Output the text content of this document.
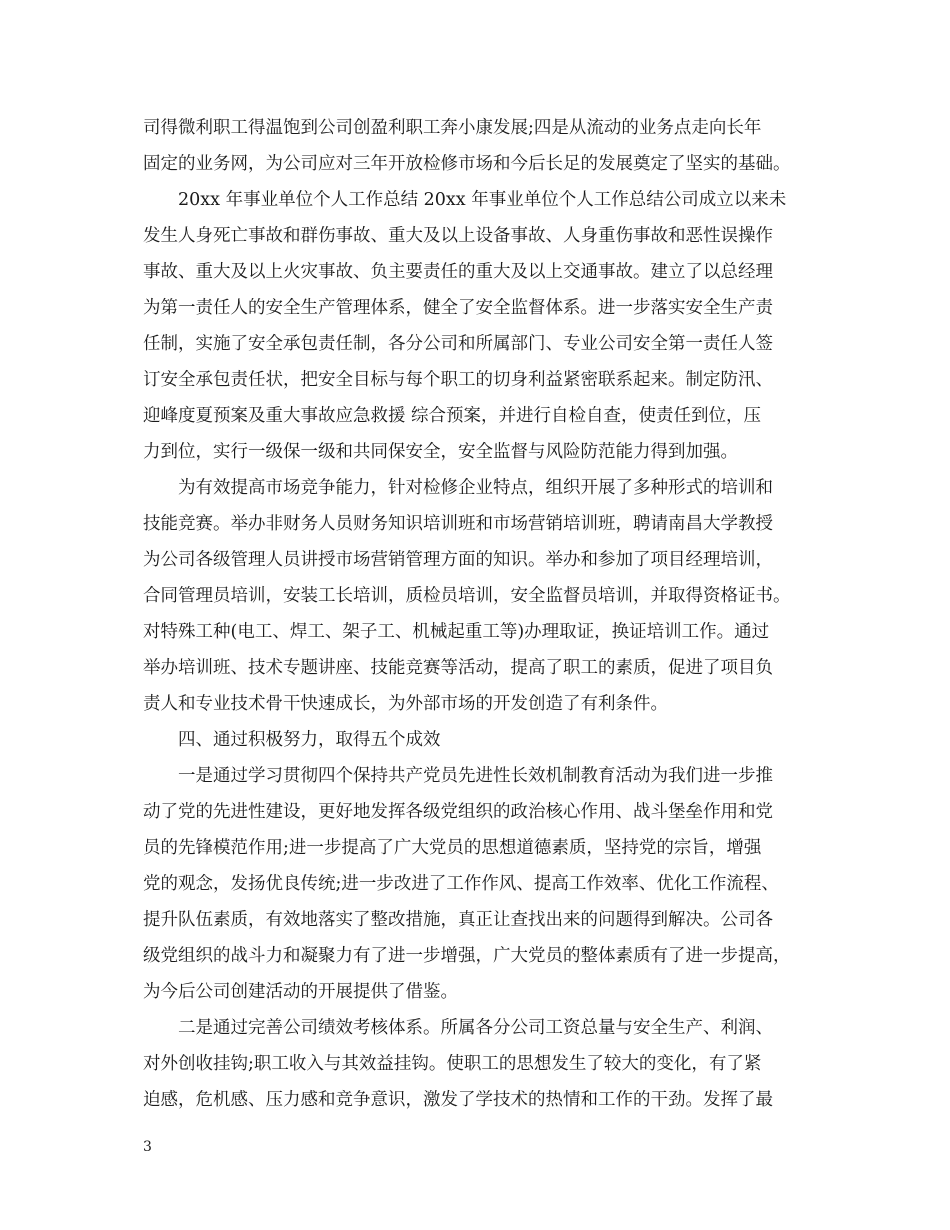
司得微利职工得温饱到公司创盈利职工奔小康发展;四是从流动的业务点走向长年
固定的业务网，为公司应对三年开放检修市场和今后长足的发展奠定了坚实的基础。
20xx 年事业单位个人工作总结 20xx 年事业单位个人工作总结公司成立以来未
发生人身死亡事故和群伤事故、重大及以上设备事故、人身重伤事故和恶性误操作
事故、重大及以上火灾事故、负主要责任的重大及以上交通事故。建立了以总经理
为第一责任人的安全生产管理体系，健全了安全监督体系。进一步落实安全生产责
任制，实施了安全承包责任制，各分公司和所属部门、专业公司安全第一责任人签
订安全承包责任状，把安全目标与每个职工的切身利益紧密联系起来。制定防汛、
迎峰度夏预案及重大事故应急救援 综合预案，并进行自检自查，使责任到位，压
力到位，实行一级保一级和共同保安全，安全监督与风险防范能力得到加强。
为有效提高市场竞争能力，针对检修企业特点，组织开展了多种形式的培训和
技能竞赛。举办非财务人员财务知识培训班和市场营销培训班，聘请南昌大学教授
为公司各级管理人员讲授市场营销管理方面的知识。举办和参加了项目经理培训，
合同管理员培训，安装工长培训，质检员培训，安全监督员培训，并取得资格证书。
对特殊工种(电工、焊工、架子工、机械起重工等)办理取证，换证培训工作。通过
举办培训班、技术专题讲座、技能竞赛等活动，提高了职工的素质，促进了项目负
责人和专业技术骨干快速成长，为外部市场的开发创造了有利条件。
四、通过积极努力，取得五个成效
一是通过学习贯彻四个保持共产党员先进性长效机制教育活动为我们进一步推
动了党的先进性建设，更好地发挥各级党组织的政治核心作用、战斗堡垒作用和党
员的先锋模范作用;进一步提高了广大党员的思想道德素质，坚持党的宗旨，增强
党的观念，发扬优良传统;进一步改进了工作作风、提高工作效率、优化工作流程、
提升队伍素质，有效地落实了整改措施，真正让查找出来的问题得到解决。公司各
级党组织的战斗力和凝聚力有了进一步增强，广大党员的整体素质有了进一步提高，
为今后公司创建活动的开展提供了借鉴。
二是通过完善公司绩效考核体系。所属各分公司工资总量与安全生产、利润、
对外创收挂钩;职工收入与其效益挂钩。使职工的思想发生了较大的变化，有了紧
迫感，危机感、压力感和竞争意识，激发了学技术的热情和工作的干劲。发挥了最
3
